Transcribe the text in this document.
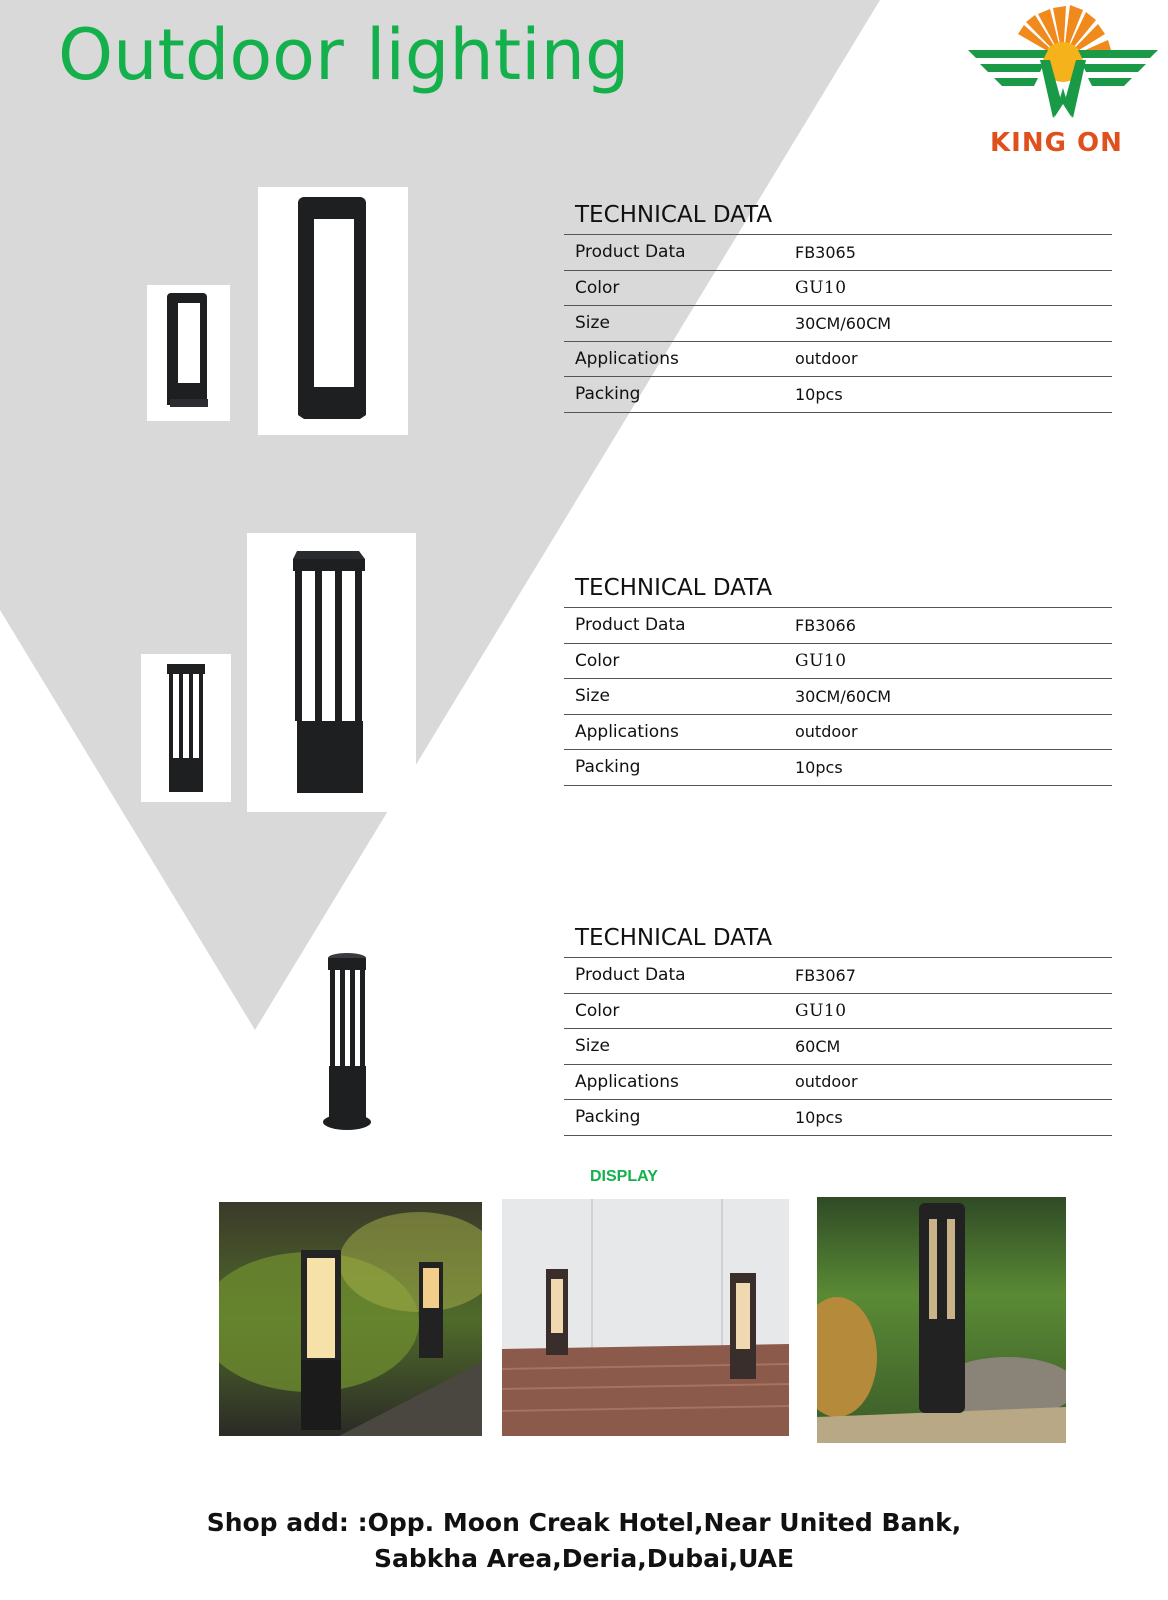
Outdoor lighting
KING ON
TECHNICAL DATA
Product Data	FB3065
Color	GU10
Size	30CM/60CM
Applications	outdoor
Packing	10pcs
TECHNICAL DATA
Product Data	FB3066
Color	GU10
Size	30CM/60CM
Applications	outdoor
Packing	10pcs
TECHNICAL DATA
Product Data	FB3067
Color	GU10
Size	60CM
Applications	outdoor
Packing	10pcs
DISPLAY
Shop add: :Opp. Moon Creak Hotel,Near United Bank,
Sabkha Area,Deria,Dubai,UAE
